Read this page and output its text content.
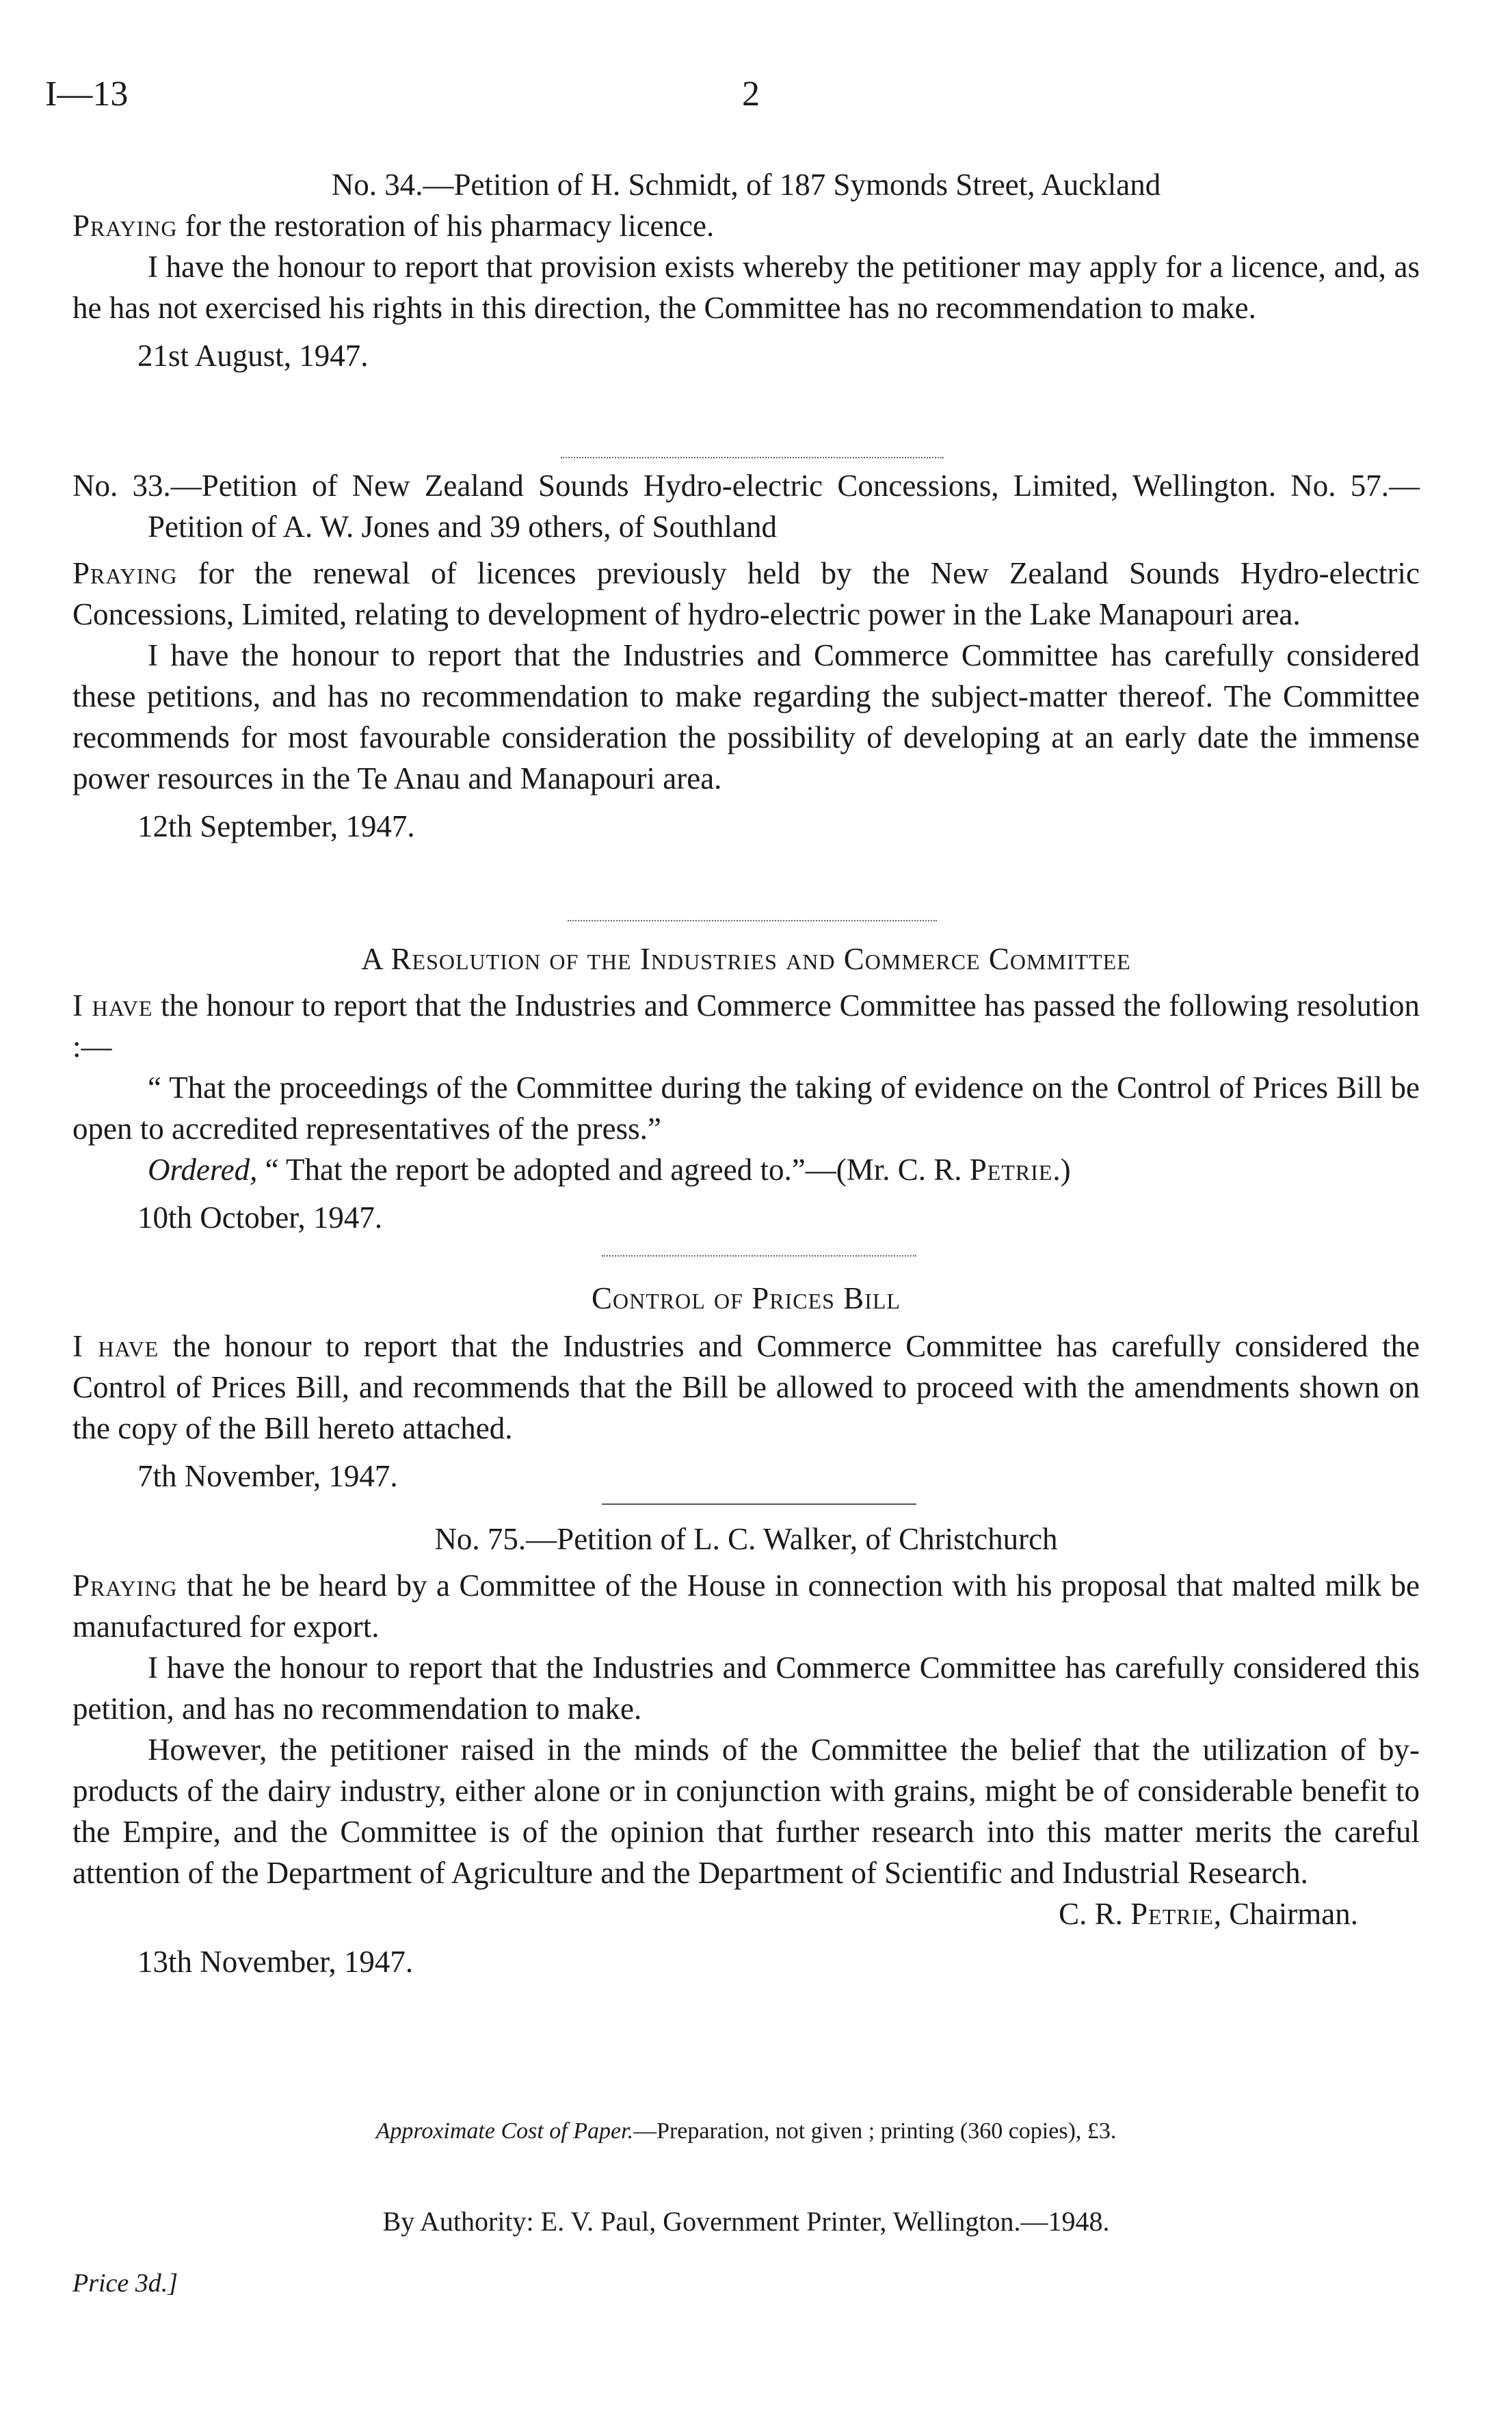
I—13	2

No. 34.—Petition of H. Schmidt, of 187 Symonds Street, Auckland

Praying for the restoration of his pharmacy licence.

I have the honour to report that provision exists whereby the petitioner may apply for a licence, and, as he has not exercised his rights in this direction, the Committee has no recommendation to make.

21st August, 1947.

No. 33.—Petition of New Zealand Sounds Hydro-electric Concessions, Limited, Wellington. No. 57.—Petition of A. W. Jones and 39 others, of Southland

Praying for the renewal of licences previously held by the New Zealand Sounds Hydro-electric Concessions, Limited, relating to development of hydro-electric power in the Lake Manapouri area.

I have the honour to report that the Industries and Commerce Committee has carefully considered these petitions, and has no recommendation to make regarding the subject-matter thereof. The Committee recommends for most favourable consideration the possibility of developing at an early date the immense power resources in the Te Anau and Manapouri area.

12th September, 1947.

A Resolution of the Industries and Commerce Committee

I have the honour to report that the Industries and Commerce Committee has passed the following resolution :—

“ That the proceedings of the Committee during the taking of evidence on the Control of Prices Bill be open to accredited representatives of the press.”

Ordered, “ That the report be adopted and agreed to.”—(Mr. C. R. Petrie.)

10th October, 1947.

Control of Prices Bill

I have the honour to report that the Industries and Commerce Committee has carefully considered the Control of Prices Bill, and recommends that the Bill be allowed to proceed with the amendments shown on the copy of the Bill hereto attached.

7th November, 1947.

No. 75.—Petition of L. C. Walker, of Christchurch

Praying that he be heard by a Committee of the House in connection with his proposal that malted milk be manufactured for export.

I have the honour to report that the Industries and Commerce Committee has carefully considered this petition, and has no recommendation to make.

However, the petitioner raised in the minds of the Committee the belief that the utilization of by-products of the dairy industry, either alone or in conjunction with grains, might be of considerable benefit to the Empire, and the Committee is of the opinion that further research into this matter merits the careful attention of the Department of Agriculture and the Department of Scientific and Industrial Research.

C. R. Petrie, Chairman.

13th November, 1947.

Approximate Cost of Paper.—Preparation, not given ; printing (360 copies), £3.

By Authority: E. V. Paul, Government Printer, Wellington.—1948.

Price 3d.]
